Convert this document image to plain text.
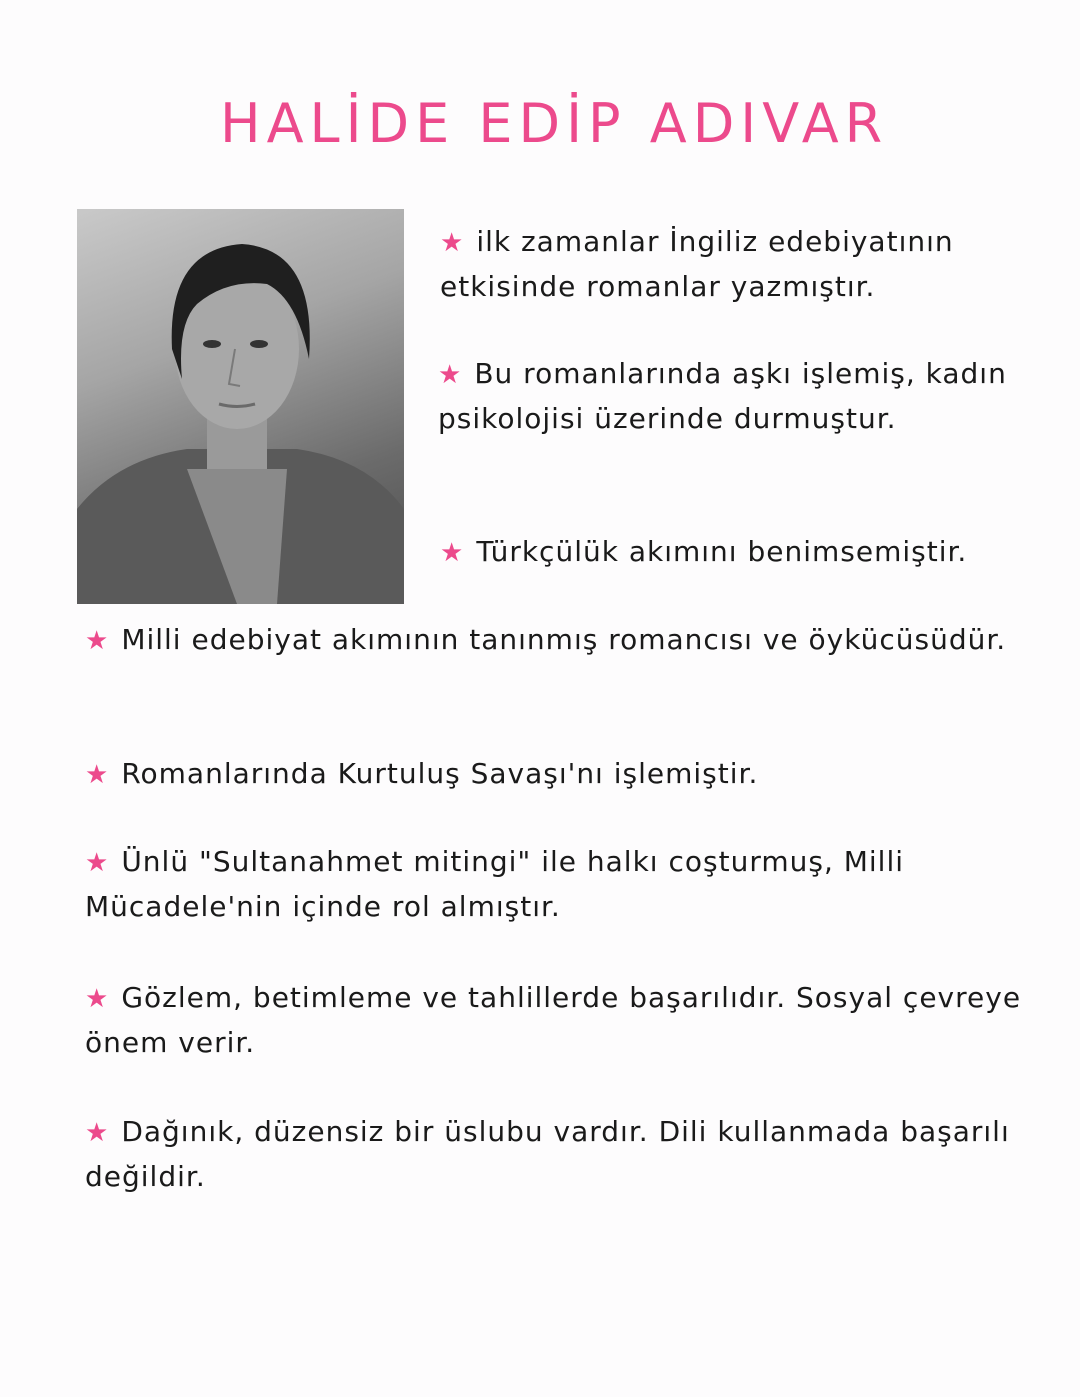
HALİDE EDİP ADIVAR
★ ilk zamanlar İngiliz edebiyatının etkisinde romanlar yazmıştır.
★ Bu romanlarında aşkı işlemiş, kadın psikolojisi üzerinde durmuştur.
★ Türkçülük akımını benimsemiştir.
★ Milli edebiyat akımının tanınmış romancısı ve öykücüsüdür.
★ Romanlarında Kurtuluş Savaşı'nı işlemiştir.
★ Ünlü "Sultanahmet mitingi" ile halkı coşturmuş, Milli Mücadele'nin içinde rol almıştır.
★ Gözlem, betimleme ve tahlillerde başarılıdır. Sosyal çevreye önem verir.
★ Dağınık, düzensiz bir üslubu vardır. Dili kullanmada başarılı değildir.
